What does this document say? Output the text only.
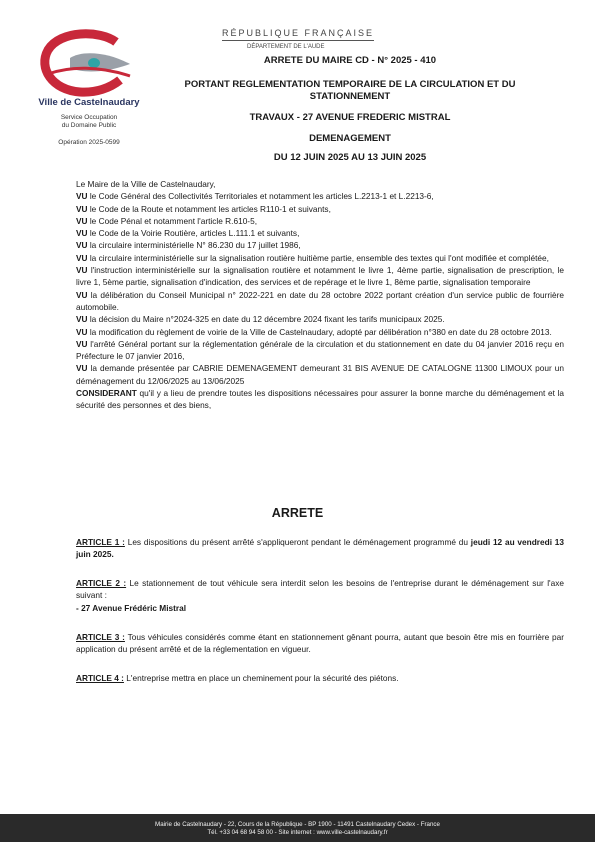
Ville de Castelnaudary
Service Occupation
du Domaine Public
Opération 2025-0599
RÉPUBLIQUE FRANÇAISE
DÉPARTEMENT DE L'AUDE
ARRETE DU MAIRE CD - N° 2025 - 410
PORTANT REGLEMENTATION TEMPORAIRE DE LA CIRCULATION ET DU STATIONNEMENT
TRAVAUX - 27 AVENUE FREDERIC MISTRAL
DEMENAGEMENT
DU 12 JUIN 2025 AU 13 JUIN 2025

Le Maire de la Ville de Castelnaudary,

VU le Code Général des Collectivités Territoriales et notamment les articles L.2213-1 et L.2213-6,

VU le Code de la Route et notamment les articles R110-1 et suivants,

VU le Code Pénal et notamment l'article R.610-5,

VU le Code de la Voirie Routière, articles L.111.1 et suivants,

VU la circulaire interministérielle N° 86.230 du 17 juillet 1986,

VU la circulaire interministérielle sur la signalisation routière huitième partie, ensemble des textes qui l'ont modifiée et complétée,

VU l'instruction interministérielle sur la signalisation routière et notamment le livre 1, 4ème partie, signalisation de prescription, le livre 1, 5ème partie, signalisation d'indication, des services et de repérage et le livre 1, 8ème partie, signalisation temporaire

VU la délibération du Conseil Municipal n° 2022-221 en date du 28 octobre 2022 portant création d'un service public de fourrière automobile.

VU la décision du Maire n°2024-325 en date du 12 décembre 2024 fixant les tarifs municipaux 2025.

VU la modification du règlement de voirie de la Ville de Castelnaudary, adopté par délibération n°380 en date du 28 octobre 2013.

VU l'arrêté Général portant sur la réglementation générale de la circulation et du stationnement en date du 04 janvier 2016 reçu en Préfecture le 07 janvier 2016,

VU la demande présentée par CABRIE DEMENAGEMENT demeurant 31 BIS AVENUE DE CATALOGNE 11300 LIMOUX pour un déménagement du 12/06/2025 au 13/06/2025

CONSIDERANT qu'il y a lieu de prendre toutes les dispositions nécessaires pour assurer la bonne marche du déménagement et la sécurité des personnes et des biens,

ARRETE

ARTICLE 1 : Les dispositions du présent arrêté s'appliqueront pendant le déménagement programmé du jeudi 12 au vendredi 13 juin 2025.

ARTICLE 2 : Le stationnement de tout véhicule sera interdit selon les besoins de l'entreprise durant le déménagement sur l'axe suivant :
- 27 Avenue Frédéric Mistral

ARTICLE 3 : Tous véhicules considérés comme étant en stationnement gênant pourra, autant que besoin être mis en fourrière par application du présent arrêté et de la réglementation en vigueur.

ARTICLE 4 : L'entreprise mettra en place un cheminement pour la sécurité des piétons.

Mairie de Castelnaudary - 22, Cours de la République - BP 1900 - 11491 Castelnaudary Cedex - France
Tél. +33 04 68 94 58 00 - Site internet : www.ville-castelnaudary.fr
